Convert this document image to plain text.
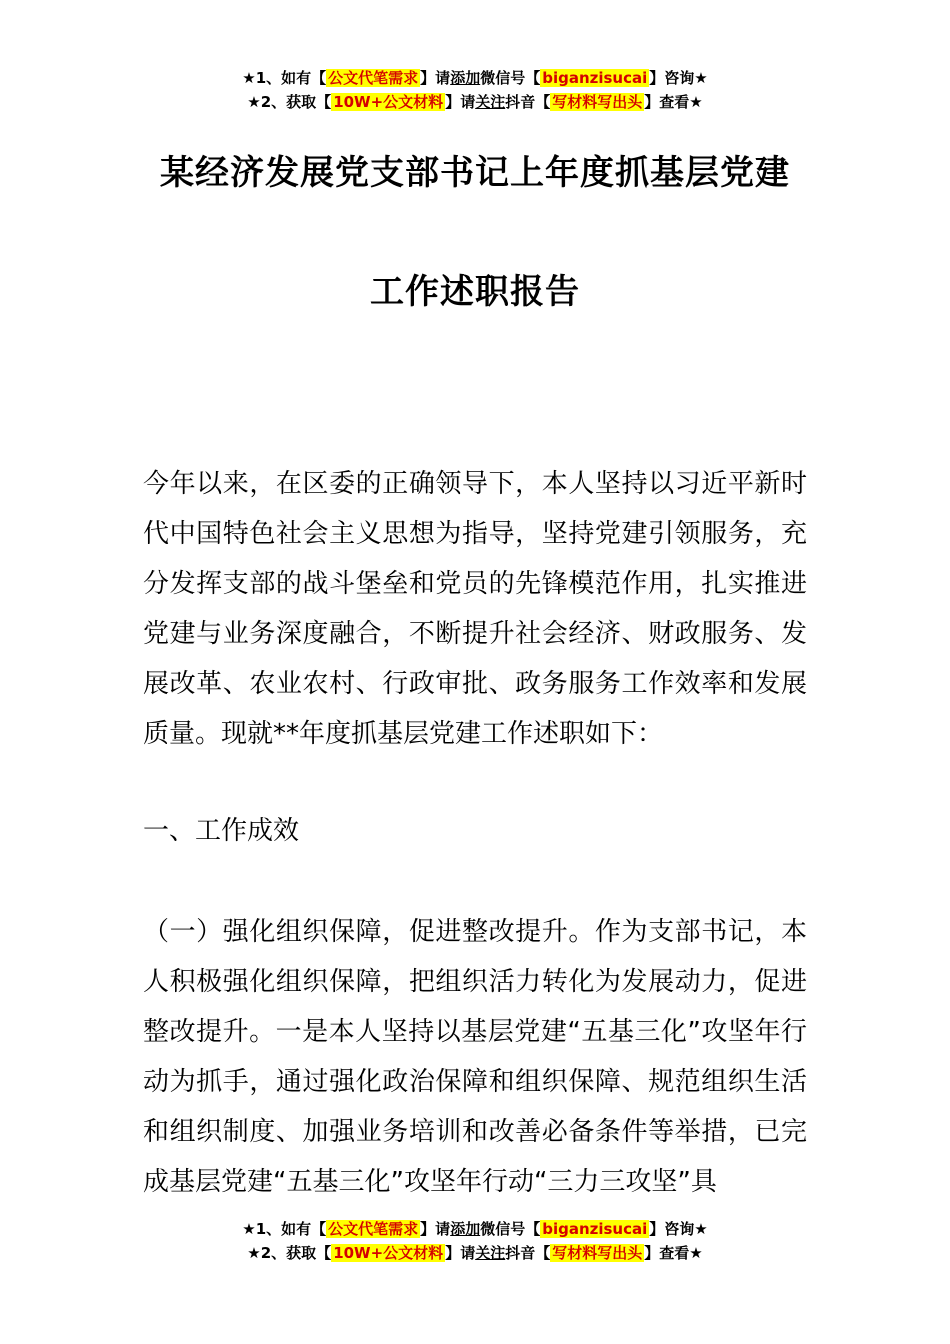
★1、如有【 公文代笔需求 】请添加微信号【 biganzisucai 】咨询★
★2、获取【 10W+公文材料 】请关注抖音【 写材料写出头 】查看★
某经济发展党支部书记上年度抓基层党建
工作述职报告

今年以来，在区委的正确领导下，本人坚持以习近平新时代中国特色社会主义思想为指导，坚持党建引领服务，充分发挥支部的战斗堡垒和党员的先锋模范作用，扎实推进党建与业务深度融合，不断提升社会经济、财政服务、发展改革、农业农村、行政审批、政务服务工作效率和发展质量。现就**年度抓基层党建工作述职如下：

一、工作成效

（一）强化组织保障，促进整改提升。作为支部书记，本人积极强化组织保障，把组织活力转化为发展动力，促进整改提升。一是本人坚持以基层党建“五基三化”攻坚年行动为抓手，通过强化政治保障和组织保障、规范组织生活和组织制度、加强业务培训和改善必备条件等举措，已完成基层党建“五基三化”攻坚年行动“三力三攻坚”具

★1、如有【 公文代笔需求 】请添加微信号【 biganzisucai 】咨询★
★2、获取【 10W+公文材料 】请关注抖音【 写材料写出头 】查看★
